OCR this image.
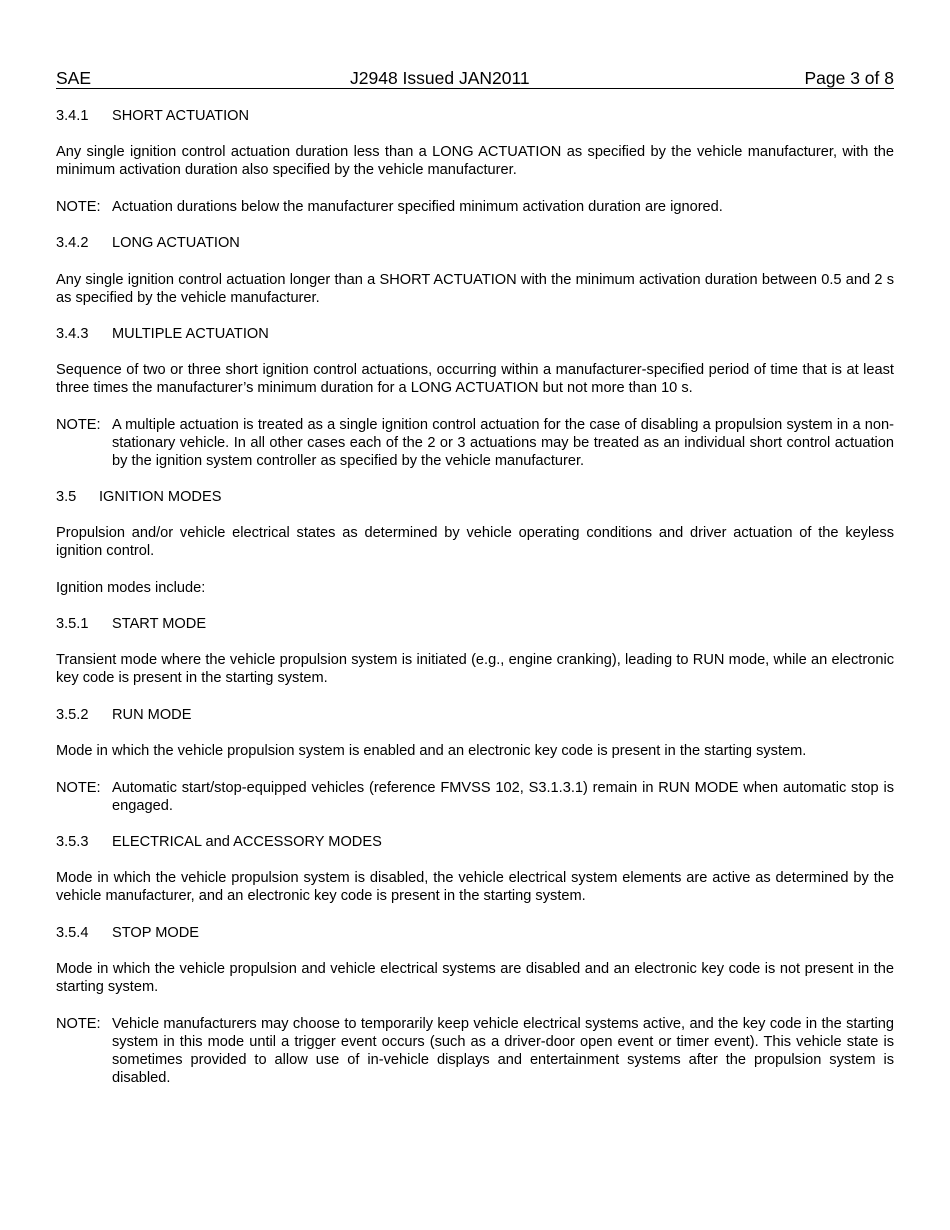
SAE	J2948 Issued JAN2011	Page 3 of 8
3.4.1 SHORT ACTUATION
Any single ignition control actuation duration less than a LONG ACTUATION as specified by the vehicle manufacturer, with the minimum activation duration also specified by the vehicle manufacturer.
NOTE: Actuation durations below the manufacturer specified minimum activation duration are ignored.
3.4.2 LONG ACTUATION
Any single ignition control actuation longer than a SHORT ACTUATION with the minimum activation duration between 0.5 and 2 s as specified by the vehicle manufacturer.
3.4.3 MULTIPLE ACTUATION
Sequence of two or three short ignition control actuations, occurring within a manufacturer-specified period of time that is at least three times the manufacturer’s minimum duration for a LONG ACTUATION but not more than 10 s.
NOTE: A multiple actuation is treated as a single ignition control actuation for the case of disabling a propulsion system in a non-stationary vehicle. In all other cases each of the 2 or 3 actuations may be treated as an individual short control actuation by the ignition system controller as specified by the vehicle manufacturer.
3.5 IGNITION MODES
Propulsion and/or vehicle electrical states as determined by vehicle operating conditions and driver actuation of the keyless ignition control.
Ignition modes include:
3.5.1 START MODE
Transient mode where the vehicle propulsion system is initiated (e.g., engine cranking), leading to RUN mode, while an electronic key code is present in the starting system.
3.5.2 RUN MODE
Mode in which the vehicle propulsion system is enabled and an electronic key code is present in the starting system.
NOTE: Automatic start/stop-equipped vehicles (reference FMVSS 102, S3.1.3.1) remain in RUN MODE when automatic stop is engaged.
3.5.3 ELECTRICAL and ACCESSORY MODES
Mode in which the vehicle propulsion system is disabled, the vehicle electrical system elements are active as determined by the vehicle manufacturer, and an electronic key code is present in the starting system.
3.5.4 STOP MODE
Mode in which the vehicle propulsion and vehicle electrical systems are disabled and an electronic key code is not present in the starting system.
NOTE: Vehicle manufacturers may choose to temporarily keep vehicle electrical systems active, and the key code in the starting system in this mode until a trigger event occurs (such as a driver-door open event or timer event). This vehicle state is sometimes provided to allow use of in-vehicle displays and entertainment systems after the propulsion system is disabled.
